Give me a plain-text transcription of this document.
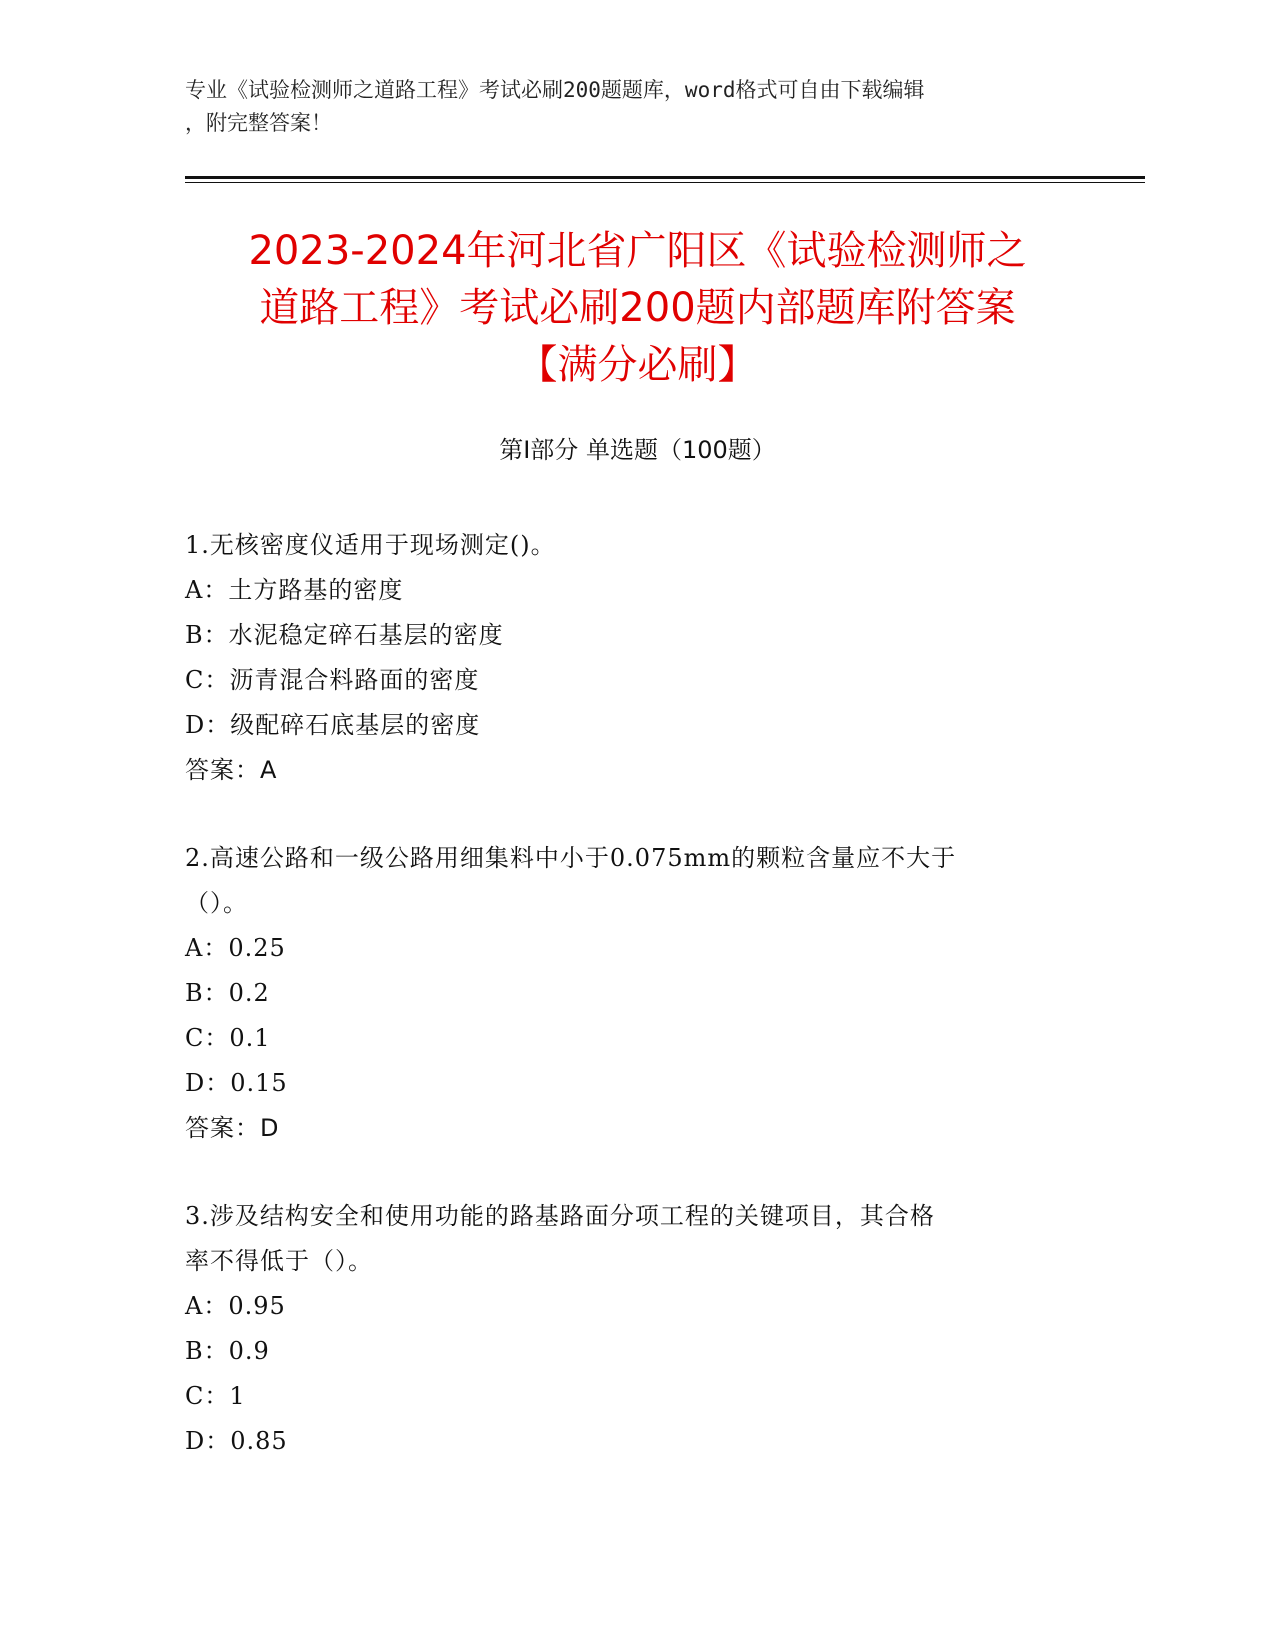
专业《试验检测师之道路工程》考试必刷200题题库，word格式可自由下载编辑
，附完整答案！
2023-2024年河北省广阳区《试验检测师之
道路工程》考试必刷200题内部题库附答案
【满分必刷】
第Ⅰ部分 单选题（100题）
1.无核密度仪适用于现场测定()。
A：土方路基的密度
B：水泥稳定碎石基层的密度
C：沥青混合料路面的密度
D：级配碎石底基层的密度
答案：A
2.高速公路和一级公路用细集料中小于0.075mm的颗粒含量应不大于
（）。
A：0.25
B：0.2
C：0.1
D：0.15
答案：D
3.涉及结构安全和使用功能的路基路面分项工程的关键项目，其合格
率不得低于（）。
A：0.95
B：0.9
C：1
D：0.85
